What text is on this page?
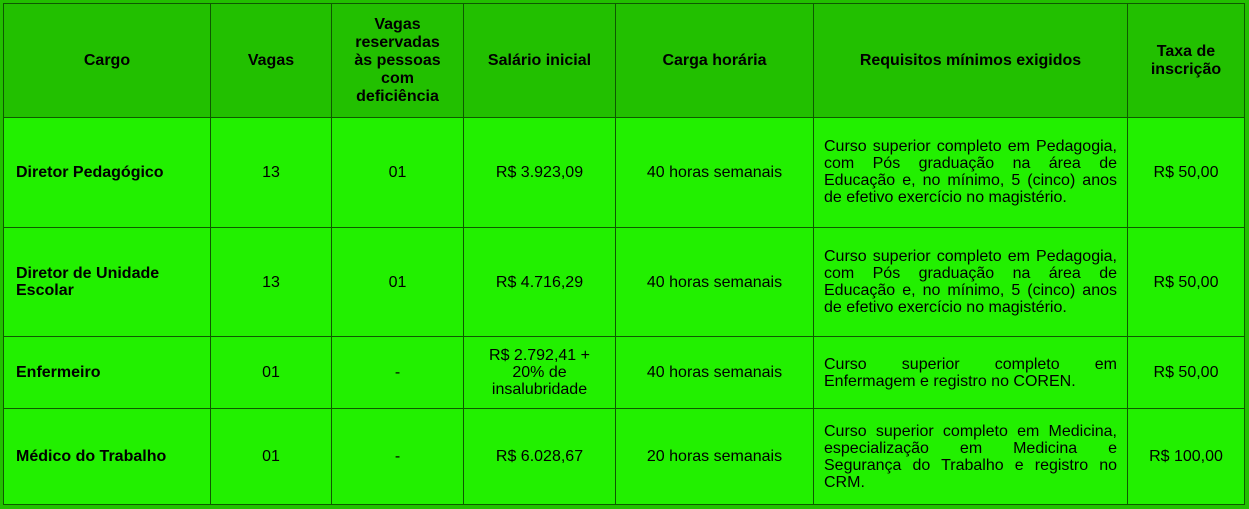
Cargo	Vagas	Vagas reservadas às pessoas com deficiência	Salário inicial	Carga horária	Requisitos mínimos exigidos	Taxa de inscrição
Diretor Pedagógico	13	01	R$ 3.923,09	40 horas semanais	Curso superior completo em Pedagogia, com Pós graduação na área de Educação e, no mínimo, 5 (cinco) anos de efetivo exercício no magistério.	R$ 50,00
Diretor de Unidade Escolar	13	01	R$ 4.716,29	40 horas semanais	Curso superior completo em Pedagogia, com Pós graduação na área de Educação e, no mínimo, 5 (cinco) anos de efetivo exercício no magistério.	R$ 50,00
Enfermeiro	01	-	R$ 2.792,41 + 20% de insalubridade	40 horas semanais	Curso superior completo em Enfermagem e registro no COREN.	R$ 50,00
Médico do Trabalho	01	-	R$ 6.028,67	20 horas semanais	Curso superior completo em Medicina, especialização em Medicina e Segurança do Trabalho e registro no CRM.	R$ 100,00
